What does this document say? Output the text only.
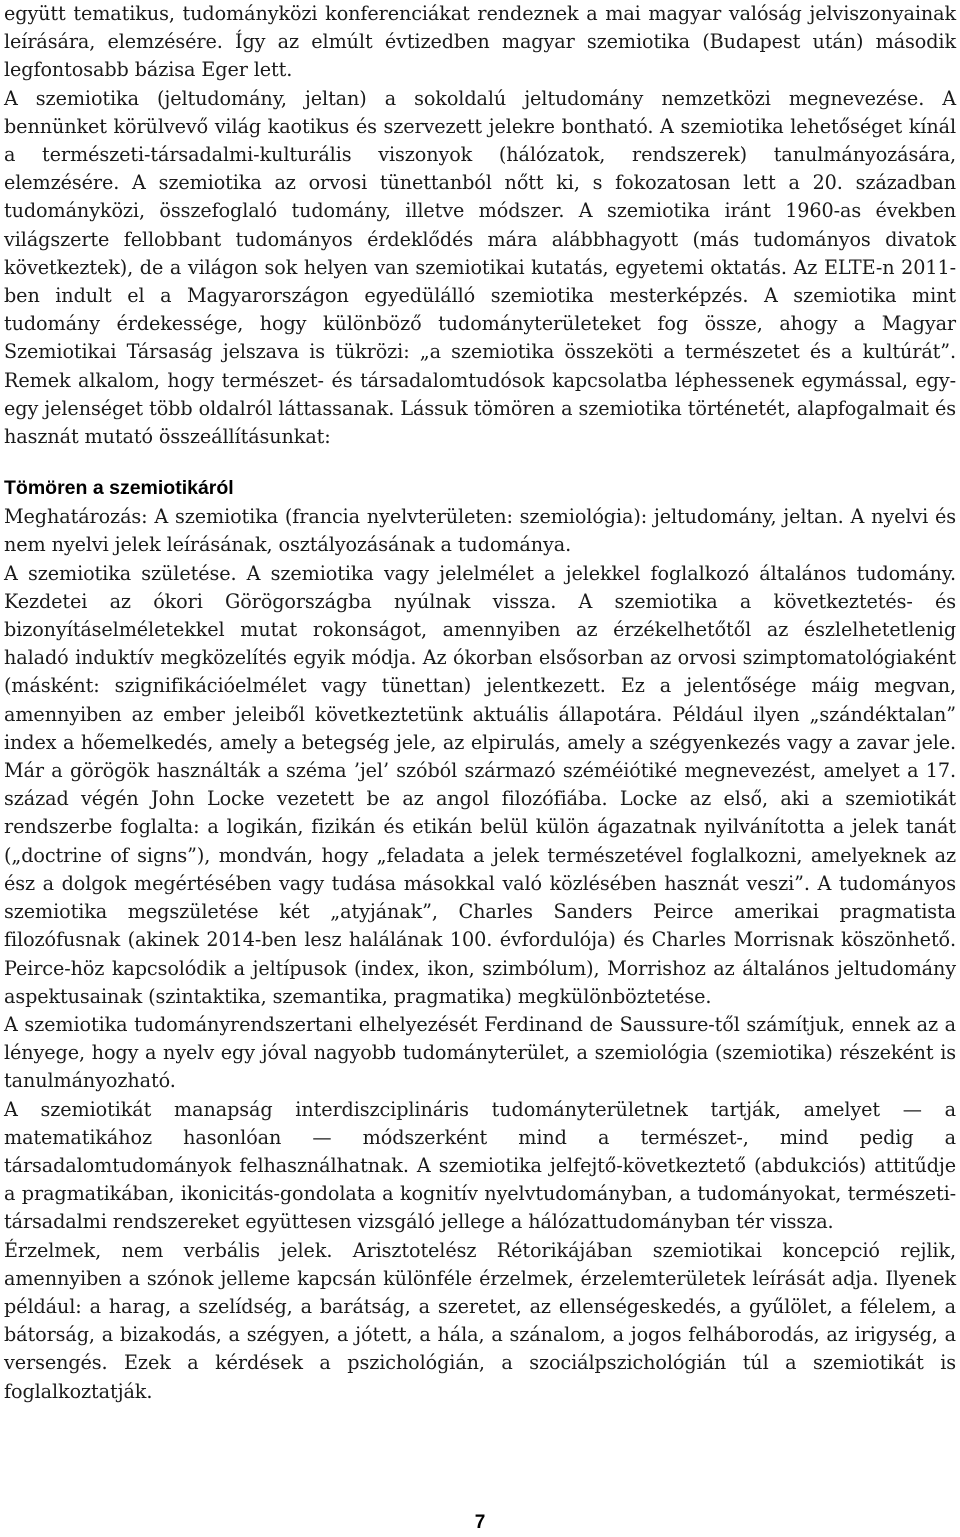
együtt tematikus, tudományközi konferenciákat rendeznek a mai magyar valóság jelviszonyainak leírására, elemzésére. Így az elmúlt évtizedben magyar szemiotika (Budapest után) második legfontosabb bázisa Eger lett.

A szemiotika (jeltudomány, jeltan) a sokoldalú jeltudomány nemzetközi megnevezése. A bennünket körülvevő világ kaotikus és szervezett jelekre bontható. A szemiotika lehetőséget kínál a természeti-társadalmi-kulturális viszonyok (hálózatok, rendszerek) tanulmányozására, elemzésére. A szemiotika az orvosi tünettanból nőtt ki, s fokozatosan lett a 20. században tudományközi, összefoglaló tudomány, illetve módszer. A szemiotika iránt 1960-as években világszerte fellobbant tudományos érdeklődés mára alábbhagyott (más tudományos divatok következtek), de a világon sok helyen van szemiotikai kutatás, egyetemi oktatás. Az ELTE-n 2011-ben indult el a Magyarországon egyedülálló szemiotika mesterképzés. A szemiotika mint tudomány érdekessége, hogy különböző tudományterületeket fog össze, ahogy a Magyar Szemiotikai Társaság jelszava is tükrözi: „a szemiotika összeköti a természetet és a kultúrát”. Remek alkalom, hogy természet- és társadalomtudósok kapcsolatba léphessenek egymással, egy-egy jelenséget több oldalról láttassanak. Lássuk tömören a szemiotika történetét, alapfogalmait és hasznát mutató összeállításunkat:

Tömören a szemiotikáról

Meghatározás: A szemiotika (francia nyelvterületen: szemiológia): jeltudomány, jeltan. A nyelvi és nem nyelvi jelek leírásának, osztályozásának a tudománya.

A szemiotika születése. A szemiotika vagy jelelmélet a jelekkel foglalkozó általános tudomány. Kezdetei az ókori Görögországba nyúlnak vissza. A szemiotika a következtetés- és bizonyításelméletekkel mutat rokonságot, amennyiben az érzékelhetőtől az észlelhetetlenig haladó induktív megközelítés egyik módja. Az ókorban elsősorban az orvosi szimptomatológiaként (másként: szignifikációelmélet vagy tünettan) jelentkezett. Ez a jelentősége máig megvan, amennyiben az ember jeleiből következtetünk aktuális állapotára. Például ilyen „szándéktalan” index a hőemelkedés, amely a betegség jele, az elpirulás, amely a szégyenkezés vagy a zavar jele. Már a görögök használták a széma ’jel’ szóból származó széméiótiké megnevezést, amelyet a 17. század végén John Locke vezetett be az angol filozófiába. Locke az első, aki a szemiotikát rendszerbe foglalta: a logikán, fizikán és etikán belül külön ágazatnak nyilvánította a jelek tanát („doctrine of signs”), mondván, hogy „feladata a jelek természetével foglalkozni, amelyeknek az ész a dolgok megértésében vagy tudása másokkal való közlésében hasznát veszi”. A tudományos szemiotika megszületése két „atyjának”, Charles Sanders Peirce amerikai pragmatista filozófusnak (akinek 2014-ben lesz halálának 100. évfordulója) és Charles Morrisnak köszönhető. Peirce-höz kapcsolódik a jeltípusok (index, ikon, szimbólum), Morrishoz az általános jeltudomány aspektusainak (szintaktika, szemantika, pragmatika) megkülönböztetése.

A szemiotika tudományrendszertani elhelyezését Ferdinand de Saussure-től számítjuk, ennek az a lényege, hogy a nyelv egy jóval nagyobb tudományterület, a szemiológia (szemiotika) részeként is tanulmányozható.

A szemiotikát manapság interdiszciplináris tudományterületnek tartják, amelyet — a matematikához hasonlóan — módszerként mind a természet-, mind pedig a társadalomtudományok felhasználhatnak. A szemiotika jelfejtő-következtető (abdukciós) attitűdje a pragmatikában, ikonicitás-gondolata a kognitív nyelvtudományban, a tudományokat, természeti-társadalmi rendszereket együttesen vizsgáló jellege a hálózattudományban tér vissza.

Érzelmek, nem verbális jelek. Arisztotelész Rétorikájában szemiotikai koncepció rejlik, amennyiben a szónok jelleme kapcsán különféle érzelmek, érzelemterületek leírását adja. Ilyenek például: a harag, a szelídség, a barátság, a szeretet, az ellenségeskedés, a gyűlölet, a félelem, a bátorság, a bizakodás, a szégyen, a jótett, a hála, a szánalom, a jogos felháborodás, az irigység, a versengés. Ezek a kérdések a pszichológián, a szociálpszichológián túl a szemiotikát is foglalkoztatják.

7
